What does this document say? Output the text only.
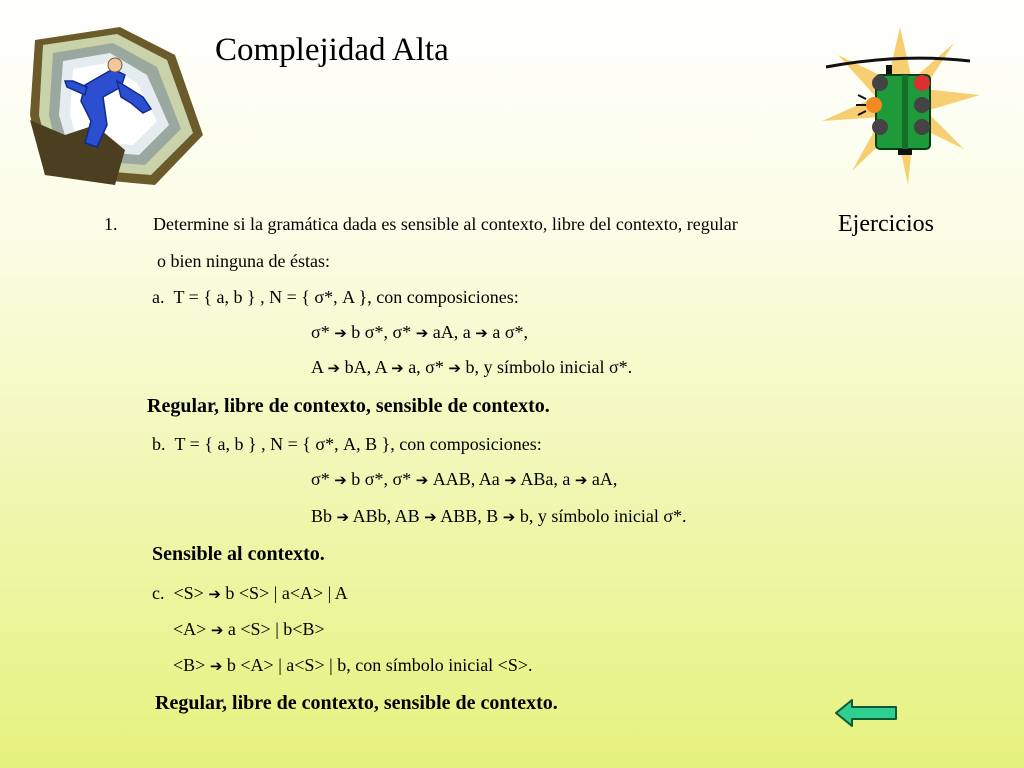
Complejidad Alta
Ejercicios
1. Determine si la gramática dada es sensible al contexto, libre del contexto, regular
o bien ninguna de éstas:
a. T = { a, b } , N = { σ*, A }, con composiciones:
σ* ➔ b σ*, σ* ➔ aA, a ➔ a σ*,
A ➔ bA, A ➔ a, σ* ➔ b, y símbolo inicial σ*.
Regular, libre de contexto, sensible de contexto.
b. T = { a, b } , N = { σ*, A, B }, con composiciones:
σ* ➔ b σ*, σ* ➔ AAB, Aa ➔ ABa, a ➔ aA,
Bb ➔ ABb, AB ➔ ABB, B ➔ b, y símbolo inicial σ*.
Sensible al contexto.
c. <S> ➔ b <S> | a<A> | A
<A> ➔ a <S> | b<B>
<B> ➔ b <A> | a<S> | b, con símbolo inicial <S>.
Regular, libre de contexto, sensible de contexto.
